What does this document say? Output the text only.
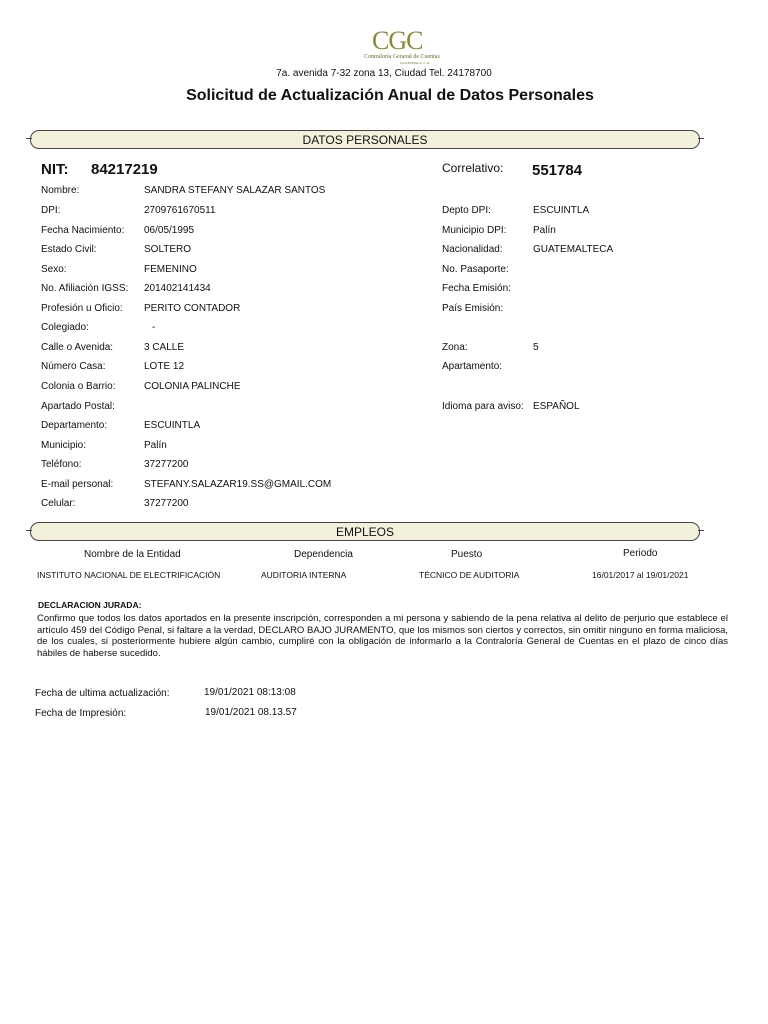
CGC
Contraloría General de Cuentas
GUATEMALA, C.A.
7a. avenida 7-32 zona 13, Ciudad Tel. 24178700
Solicitud de Actualización Anual de Datos Personales
DATOS PERSONALES
NIT: 84217219	Correlativo: 551784
Nombre:	SANDRA STEFANY SALAZAR SANTOS
DPI:	2709761670511
Fecha Nacimiento: 06/05/1995
Estado Civil:	SOLTERO
Sexo:	FEMENINO
No. Afiliación IGSS: 201402141434
Profesión u Oficio: PERITO CONTADOR
Colegiado:	-
Calle o Avenida:	3 CALLE
Número Casa:	LOTE 12
Colonia o Barrio:	COLONIA PALINCHE
Apartado Postal:
Departamento:	ESCUINTLA
Municipio:	Palín
Teléfono:	37277200
E-mail personal:	STEFANY.SALAZAR19.SS@GMAIL.COM
Celular:	37277200
Depto DPI:	ESCUINTLA
Municipio DPI:	Palín
Nacionalidad:	GUATEMALTECA
No. Pasaporte:
Fecha Emisión:
País Emisión:
Zona:	5
Apartamento:
Idioma para aviso: ESPAÑOL
EMPLEOS
Nombre de la Entidad	Dependencia	Puesto	Periodo
INSTITUTO NACIONAL DE ELECTRIFICACIÓN	AUDITORIA INTERNA	TÉCNICO DE AUDITORIA	16/01/2017 al 19/01/2021
DECLARACION JURADA:
Confirmo que todos los datos aportados en la presente inscripción, corresponden a mi persona y sabiendo de la pena relativa al delito de perjurio que establece el artículo 459 del Código Penal, si faltare a la verdad, DECLARO BAJO JURAMENTO, que los mismos son ciertos y correctos, sin omitir ninguno en forma maliciosa, de los cuales, si posteriormente hubiere algún cambio, cumpliré con la obligación de informarlo a la Contraloría General de Cuentas en el plazo de cinco días hábiles de haberse sucedido.
Fecha de ultima actualización:	19/01/2021 08:13:08
Fecha de Impresión:	19/01/2021 08.13.57
